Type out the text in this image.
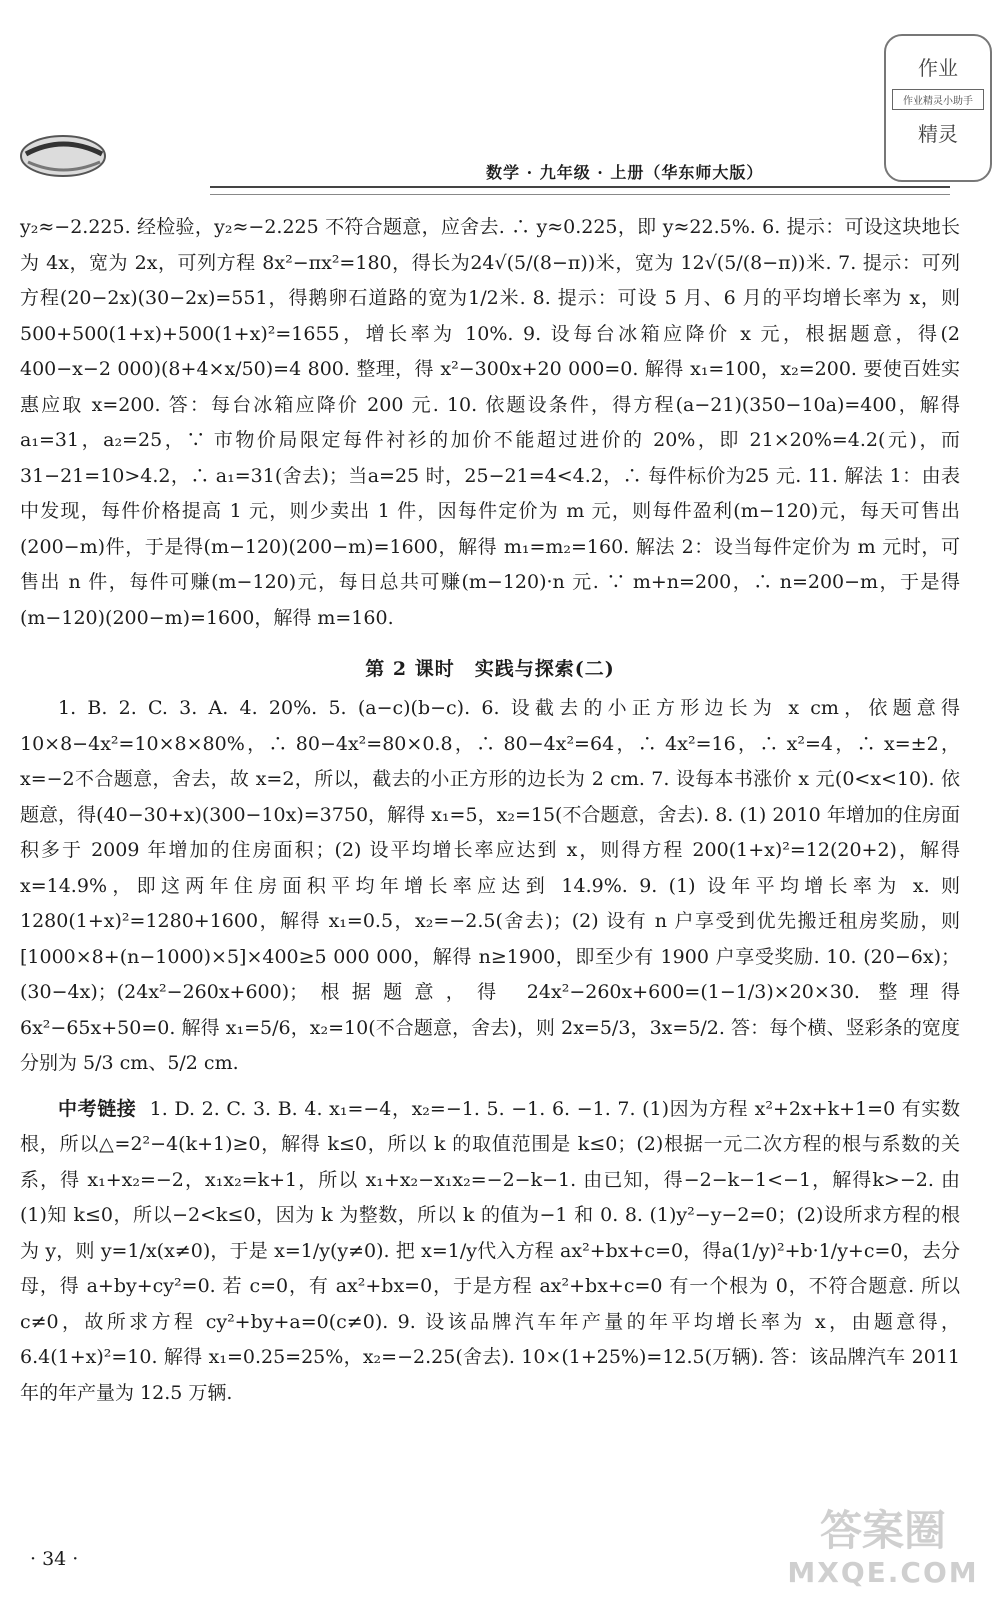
数学 · 九年级 · 上册（华东师大版）
作业
作业精灵小助手
精灵

y₂≈−2.225. 经检验，y₂≈−2.225 不符合题意，应舍去. ∴ y≈0.225，即 y≈22.5%. 6. 提示：可设这块地长为 4x，宽为 2x，可列方程 8x²−πx²=180，得长为24√(5/(8−π))米，宽为 12√(5/(8−π))米. 7. 提示：可列方程(20−2x)(30−2x)=551，得鹅卵石道路的宽为1/2米. 8. 提示：可设 5 月、6 月的平均增长率为 x，则 500+500(1+x)+500(1+x)²=1655，增长率为 10%. 9. 设每台冰箱应降价 x 元，根据题意，得(2 400−x−2 000)(8+4×x/50)=4 800. 整理，得 x²−300x+20 000=0. 解得 x₁=100，x₂=200. 要使百姓实惠应取 x=200. 答：每台冰箱应降价 200 元. 10. 依题设条件，得方程(a−21)(350−10a)=400，解得 a₁=31，a₂=25，∵ 市物价局限定每件衬衫的加价不能超过进价的 20%，即 21×20%=4.2(元)，而 31−21=10>4.2，∴ a₁=31(舍去)；当a=25 时，25−21=4<4.2，∴ 每件标价为25 元. 11. 解法 1：由表中发现，每件价格提高 1 元，则少卖出 1 件，因每件定价为 m 元，则每件盈利(m−120)元，每天可售出(200−m)件，于是得(m−120)(200−m)=1600，解得 m₁=m₂=160. 解法 2：设当每件定价为 m 元时，可售出 n 件，每件可赚(m−120)元，每日总共可赚(m−120)·n 元. ∵ m+n=200，∴ n=200−m，于是得(m−120)(200−m)=1600，解得 m=160.

第 2 课时　实践与探索(二)

1. B. 2. C. 3. A. 4. 20%. 5. (a−c)(b−c). 6. 设截去的小正方形边长为 x cm，依题意得10×8−4x²=10×8×80%，∴ 80−4x²=80×0.8，∴ 80−4x²=64，∴ 4x²=16，∴ x²=4，∴ x=±2，x=−2不合题意，舍去，故 x=2，所以，截去的小正方形的边长为 2 cm. 7. 设每本书涨价 x 元(0<x<10). 依题意，得(40−30+x)(300−10x)=3750，解得 x₁=5，x₂=15(不合题意，舍去). 8. (1) 2010 年增加的住房面积多于 2009 年增加的住房面积；(2) 设平均增长率应达到 x，则得方程 200(1+x)²=12(20+2)，解得 x=14.9%，即这两年住房面积平均年增长率应达到 14.9%. 9. (1) 设年平均增长率为 x. 则 1280(1+x)²=1280+1600，解得 x₁=0.5，x₂=−2.5(舍去)；(2) 设有 n 户享受到优先搬迁租房奖励，则[1000×8+(n−1000)×5]×400≥5 000 000，解得 n≥1900，即至少有 1900 户享受奖励. 10. (20−6x)；(30−4x)；(24x²−260x+600)；根据题意，得 24x²−260x+600=(1−1/3)×20×30. 整理得 6x²−65x+50=0. 解得 x₁=5/6，x₂=10(不合题意，舍去)，则 2x=5/3，3x=5/2. 答：每个横、竖彩条的宽度分别为 5/3 cm、5/2 cm.

中考链接 1. D. 2. C. 3. B. 4. x₁=−4，x₂=−1. 5. −1. 6. −1. 7. (1)因为方程 x²+2x+k+1=0 有实数根，所以△=2²−4(k+1)≥0，解得 k≤0，所以 k 的取值范围是 k≤0；(2)根据一元二次方程的根与系数的关系，得 x₁+x₂=−2，x₁x₂=k+1，所以 x₁+x₂−x₁x₂=−2−k−1. 由已知，得−2−k−1<−1，解得k>−2. 由(1)知 k≤0，所以−2<k≤0，因为 k 为整数，所以 k 的值为−1 和 0. 8. (1)y²−y−2=0；(2)设所求方程的根为 y，则 y=1/x(x≠0)，于是 x=1/y(y≠0). 把 x=1/y代入方程 ax²+bx+c=0，得a(1/y)²+b·1/y+c=0，去分母，得 a+by+cy²=0. 若 c=0，有 ax²+bx=0，于是方程 ax²+bx+c=0 有一个根为 0，不符合题意. 所以 c≠0，故所求方程 cy²+by+a=0(c≠0). 9. 设该品牌汽车年产量的年平均增长率为 x，由题意得，6.4(1+x)²=10. 解得 x₁=0.25=25%，x₂=−2.25(舍去). 10×(1+25%)=12.5(万辆). 答：该品牌汽车 2011 年的年产量为 12.5 万辆.

· 34 ·
答案圈
MXQE.COM
